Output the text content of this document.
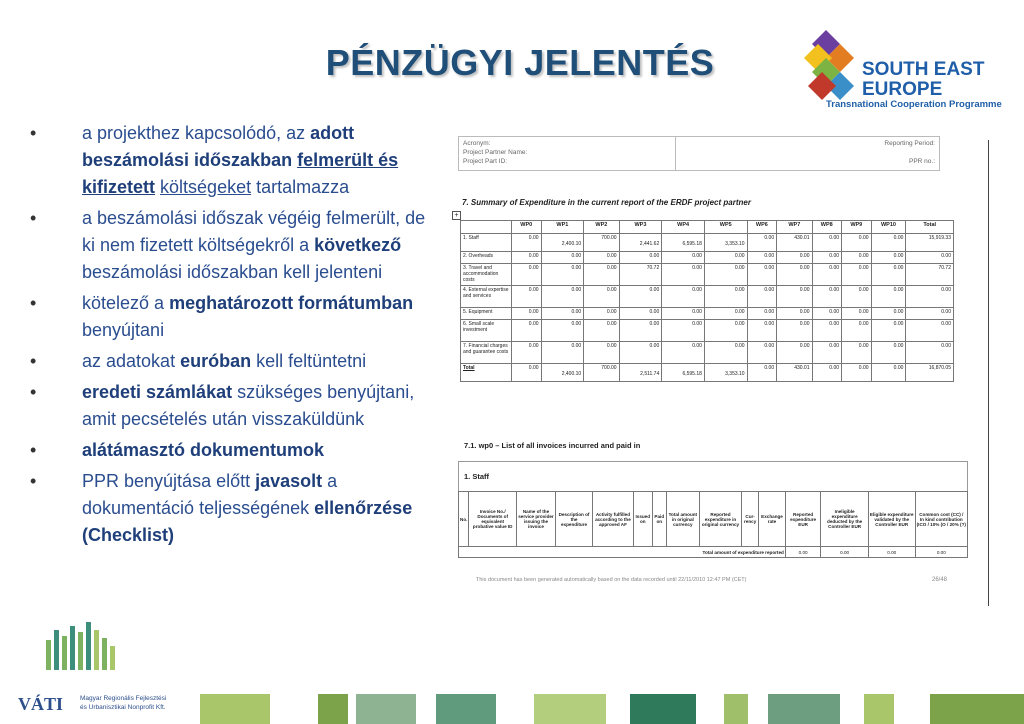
PÉNZÜGYI JELENTÉS	SOUTH EAST
EUROPE
Transnational Cooperation Programme
•	a projekthez kapcsolódó, az adott beszámolási időszakban felmerült és kifizetett költségeket tartalmazza
•	a beszámolási időszak végéig felmerült, de ki nem fizetett költségekről a következő beszámolási időszakban kell jelenteni
•	kötelező a meghatározott formátumban benyújtani
•	az adatokat euróban kell feltüntetni
•	eredeti számlákat szükséges benyújtani, amit pecsételés után visszaküldünk
•	alátámasztó dokumentumok
•	PPR benyújtása előtt javasolt a dokumentáció teljességének ellenőrzése (Checklist)
Acronym:
Project Partner Name:
Project Part ID:
Reporting Period:

PPR no.:
7. Summary of Expenditure in the current report of the ERDF project partner
+
	WP0	WP1	WP2	WP3	WP4	WP5	WP6	WP7	WP8	WP9	WP10	Total
1. Staff	0.00	2,400.10	700.00	2,441.62	6,595.18	3,353.10	0.00	430.01	0.00	0.00	0.00	15,919.33

2. Overheads	0.00	0.00	0.00	0.00	0.00	0.00	0.00	0.00	0.00	0.00	0.00	0.00

3. Travel and accommodation costs	0.00	0.00	0.00	70.72	0.00	0.00	0.00	0.00	0.00	0.00	0.00	70.72

4. External expertise and services	0.00	0.00	0.00	0.00	0.00	0.00	0.00	0.00	0.00	0.00	0.00	0.00

5. Equipment	0.00	0.00	0.00	0.00	0.00	0.00	0.00	0.00	0.00	0.00	0.00	0.00

6. Small scale investment	0.00	0.00	0.00	0.00	0.00	0.00	0.00	0.00	0.00	0.00	0.00	0.00

7. Financial charges and guarantee costs	0.00	0.00	0.00	0.00	0.00	0.00	0.00	0.00	0.00	0.00	0.00	0.00

Total	0.00	2,400.10	700.00	2,511.74	6,595.18	3,353.10	0.00	430.01	0.00	0.00	0.00	16,870.05
7.1. wp0 – List of all invoices incurred and paid in
1. Staff
No.	Invoice No./ Documents of equivalent probative value ID	Name of the service provider issuing the invoice	Description of the expenditure	Activity fulfilled according to the approved AF	Issued on	Paid on	Total amount in original currency	Reported expenditure in original currency	Cur-rency	Exchange rate	Reported expenditure EUR	Ineligible expenditure deducted by the Controller EUR	Eligible expenditure validated by the Controller EUR	Common cost (CC) / In kind contribution (ICO / 10% (O / 20% (?)
Total amount of expenditure reported											0.00	0.00	0.00	0.00
This document has been generated automatically based on the data recorded until 22/11/2010 12:47 PM (CET)	26/48
VÁTI	Magyar Regionális Fejlesztési
és Urbanisztikai Nonprofit Kft.
